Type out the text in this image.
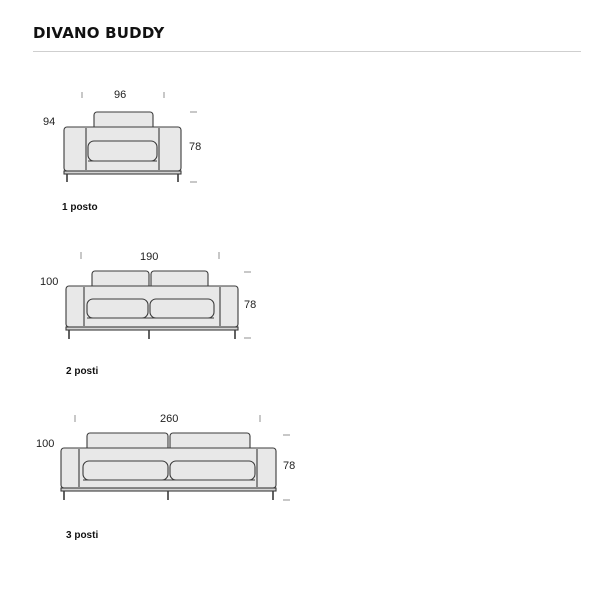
DIVANO BUDDY
96
94
78
1 posto
190
100
78
2 posti
260
100
78
3 posti
